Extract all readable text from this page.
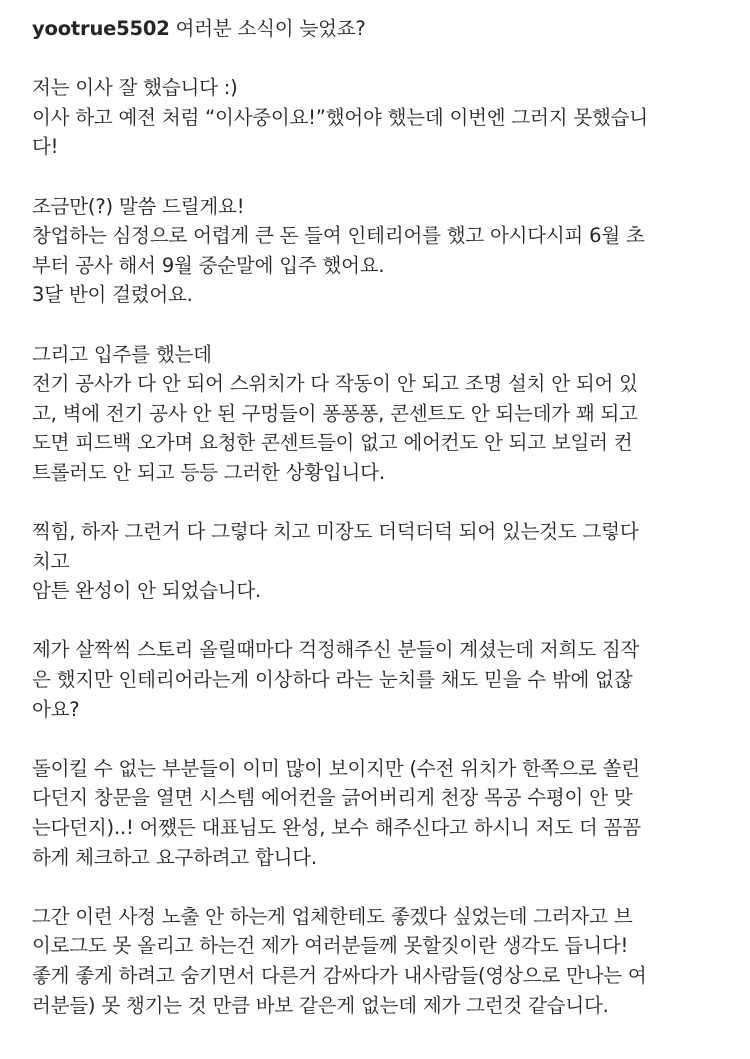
yootrue5502 여러분 소식이 늦었죠?
저는 이사 잘 했습니다 :)
이사 하고 예전 처럼 “이사중이요!”했어야 했는데 이번엔 그러지 못했습니
다!
조금만(?) 말씀 드릴게요!
창업하는 심정으로 어렵게 큰 돈 들여 인테리어를 했고 아시다시피 6월 초
부터 공사 해서 9월 중순말에 입주 했어요.
3달 반이 걸렸어요.
그리고 입주를 했는데
전기 공사가 다 안 되어 스위치가 다 작동이 안 되고 조명 설치 안 되어 있
고, 벽에 전기 공사 안 된 구멍들이 퐁퐁퐁, 콘센트도 안 되는데가 꽤 되고
도면 피드백 오가며 요청한 콘센트들이 없고 에어컨도 안 되고 보일러 컨
트롤러도 안 되고 등등 그러한 상황입니다.
찍힘, 하자 그런거 다 그렇다 치고 미장도 더덕더덕 되어 있는것도 그렇다
치고
암튼 완성이 안 되었습니다.
제가 살짝씩 스토리 올릴때마다 걱정해주신 분들이 계셨는데 저희도 짐작
은 했지만 인테리어라는게 이상하다 라는 눈치를 채도 믿을 수 밖에 없잖
아요?
돌이킬 수 없는 부분들이 이미 많이 보이지만 (수전 위치가 한쪽으로 쏠린
다던지 창문을 열면 시스템 에어컨을 긁어버리게 천장 목공 수평이 안 맞
는다던지)..! 어쨌든 대표님도 완성, 보수 해주신다고 하시니 저도 더 꼼꼼
하게 체크하고 요구하려고 합니다.
그간 이런 사정 노출 안 하는게 업체한테도 좋겠다 싶었는데 그러자고 브
이로그도 못 올리고 하는건 제가 여러분들께 못할짓이란 생각도 듭니다!
좋게 좋게 하려고 숨기면서 다른거 감싸다가 내사람들(영상으로 만나는 여
러분들) 못 챙기는 것 만큼 바보 같은게 없는데 제가 그런것 같습니다.
